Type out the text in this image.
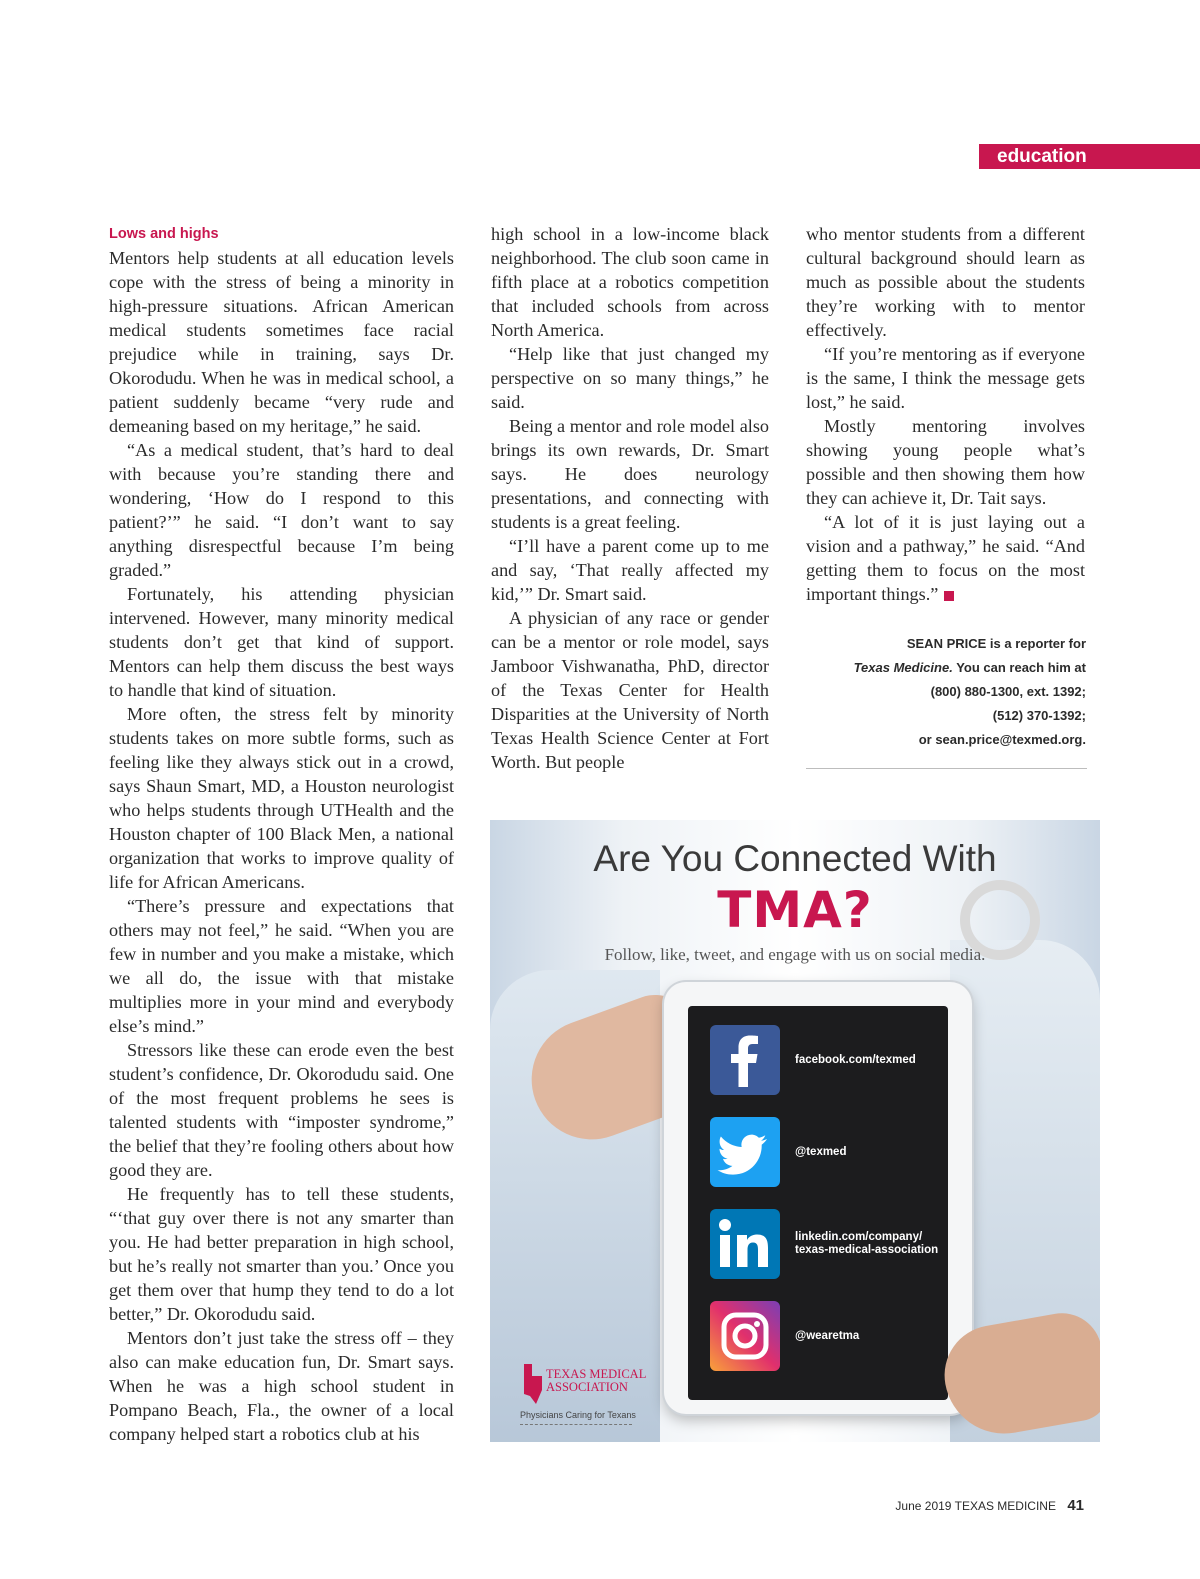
education
Lows and highs

Mentors help students at all education levels cope with the stress of being a minority in high-pressure situations. African American medical students sometimes face racial prejudice while in training, says Dr. Okorodudu. When he was in medical school, a patient suddenly became “very rude and demeaning based on my heritage,” he said.

“As a medical student, that’s hard to deal with because you’re standing there and wondering, ‘How do I respond to this patient?’” he said. “I don’t want to say anything disrespectful because I’m being graded.”

Fortunately, his attending physician intervened. However, many minority medical students don’t get that kind of support. Mentors can help them discuss the best ways to handle that kind of situation.

More often, the stress felt by minority students takes on more subtle forms, such as feeling like they always stick out in a crowd, says Shaun Smart, MD, a Houston neurologist who helps students through UTHealth and the Houston chapter of 100 Black Men, a national organization that works to improve quality of life for African Americans.

“There’s pressure and expectations that others may not feel,” he said. “When you are few in number and you make a mistake, which we all do, the issue with that mistake multiplies more in your mind and everybody else’s mind.”

Stressors like these can erode even the best student’s confidence, Dr. Okorodudu said. One of the most frequent problems he sees is talented students with “imposter syndrome,” the belief that they’re fooling others about how good they are.

He frequently has to tell these students, “‘that guy over there is not any smarter than you. He had better preparation in high school, but he’s really not smarter than you.’ Once you get them over that hump they tend to do a lot better,” Dr. Okorodudu said.

Mentors don’t just take the stress off – they also can make education fun, Dr. Smart says. When he was a high school student in Pompano Beach, Fla., the owner of a local company helped start a robotics club at his

high school in a low-income black neighborhood. The club soon came in fifth place at a robotics competition that included schools from across North America.

“Help like that just changed my perspective on so many things,” he said.

Being a mentor and role model also brings its own rewards, Dr. Smart says. He does neurology presentations, and connecting with students is a great feeling.

“I’ll have a parent come up to me and say, ‘That really affected my kid,’” Dr. Smart said.

A physician of any race or gender can be a mentor or role model, says Jamboor Vishwanatha, PhD, director of the Texas Center for Health Disparities at the University of North Texas Health Science Center at Fort Worth. But people

who mentor students from a different cultural background should learn as much as possible about the students they’re working with to mentor effectively.

“If you’re mentoring as if everyone is the same, I think the message gets lost,” he said.

Mostly mentoring involves showing young people what’s possible and then showing them how they can achieve it, Dr. Tait says.

“A lot of it is just laying out a vision and a pathway,” he said. “And getting them to focus on the most important things.”

SEAN PRICE is a reporter for
Texas Medicine. You can reach him at
(800) 880-1300, ext. 1392;
(512) 370-1392;
or sean.price@texmed.org.
Are You Connected With
TMA?
Follow, like, tweet, and engage with us on social media.
facebook.com/texmed
@texmed
linkedin.com/company/
texas-medical-association
@wearetma
TEXAS MEDICAL
ASSOCIATION
Physicians Caring for Texans
June 2019 TEXAS MEDICINE 41
